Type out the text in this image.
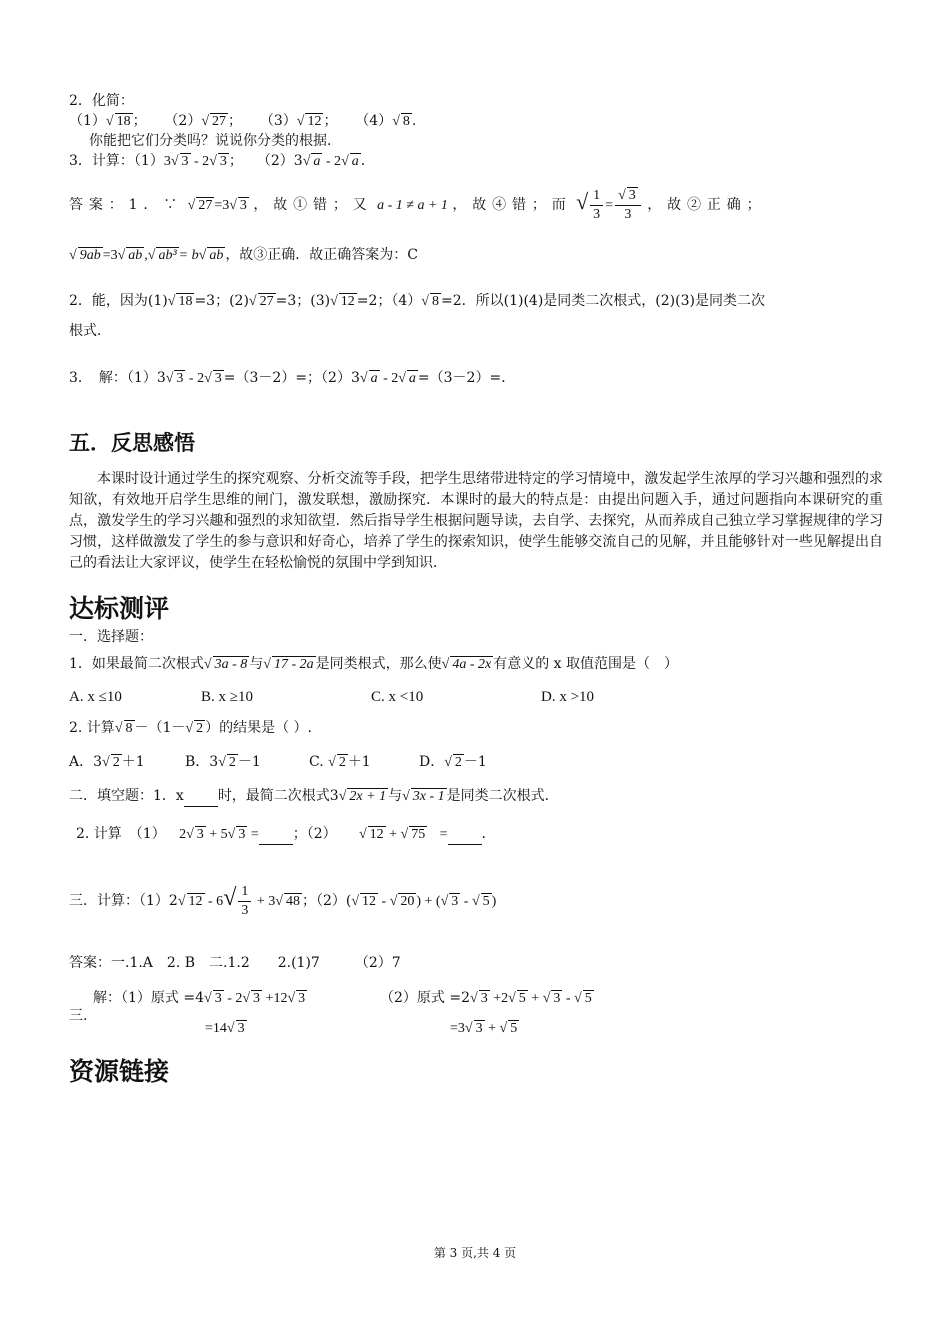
2．化简：
（1）√ 18 ； （2）√ 27 ； （3）√ 12 ； （4）√ 8 .
你能把它们分类吗？说说你分类的根据．
3．计算：（1）3√ 3 - 2√ 3 ；　　（2）3√ a - 2√ a ．
答案：1．∵ √ 27 =3√ 3 ，故①错；又 a - 1 ≠ a + 1 ，故④错；而 √ $\frac{1}{3}$ =
√ $\frac{3}{3}$ ，故②正确；
√ 9ab =3√ ab ,√ ab³ = b√ ab ，故③正确．故正确答案为：C
2．能，因为(1)√ 18 =3；(2)√ 27 =3；(3)√ 12 =2；（4）√ 8 =2．所以(1)(4)是同类二次根式，(2)(3)是同类二次
根式．
3．　解：（1）3√ 3 - 2√ 3 =（3－2）=；（2）3√ a - 2√ a =（3－2）=．
五．反思感悟
本课时设计通过学生的探究观察、分析交流等手段，把学生思绪带进特定的学习情境中，激发起学生浓厚的学习兴趣和强烈的求知欲，有效地开启学生思维的闸门，激发联想，激励探究．本课时的最大的特点是：由提出问题入手，通过问题指向本课研究的重点，激发学生的学习兴趣和强烈的求知欲望．然后指导学生根据问题导读，去自学、去探究，从而养成自己独立学习掌握规律的学习习惯，这样做激发了学生的参与意识和好奇心，培养了学生的探索知识，使学生能够交流自己的见解，并且能够针对一些见解提出自己的看法让大家评议，使学生在轻松愉悦的氛围中学到知识．
达标测评
一．选择题：
1．如果最简二次根式√ 3a - 8 与√ 17 - 2a 是同类根式，那么使√ 4a - 2x 有意义的 x 取值范围是（　）
A. x ≤10	B. x ≥10	C. x <10	D. x >10
2. 计算√ 8 －（1－√ 2 ）的结果是（ ）.
A．3√ 2 ＋1	B．3√ 2 －1	C. √ 2 ＋1	D．√ 2 －1
二．填空题：1．x 时，最简二次根式3√ 2x + 1 与√ 3x - 1 是同类二次根式．
2. 计算　（1） 2√ 3 + 5√ 3 = ；（2）     √ 12 + √ 75   = ．
三．计算：（1）2√ $12 - 6√ \frac{1}{3} + 3√$ 48 ；（2）(√ 12 - √ 20 ) + (√ 3 - √ 5 )
答案：一.1.A　2. B　二.1.2　　2.(1)7　　　（2）7
三.
解：（1）原式 =4√ 3 - 2√ 3 +12√ 3
=14√ 3
（2）原式 =2√ 3 +2√ 5 + √ 3 - √ 5
=3√ 3 + √ 5
资源链接
第 3 页,共 4 页
